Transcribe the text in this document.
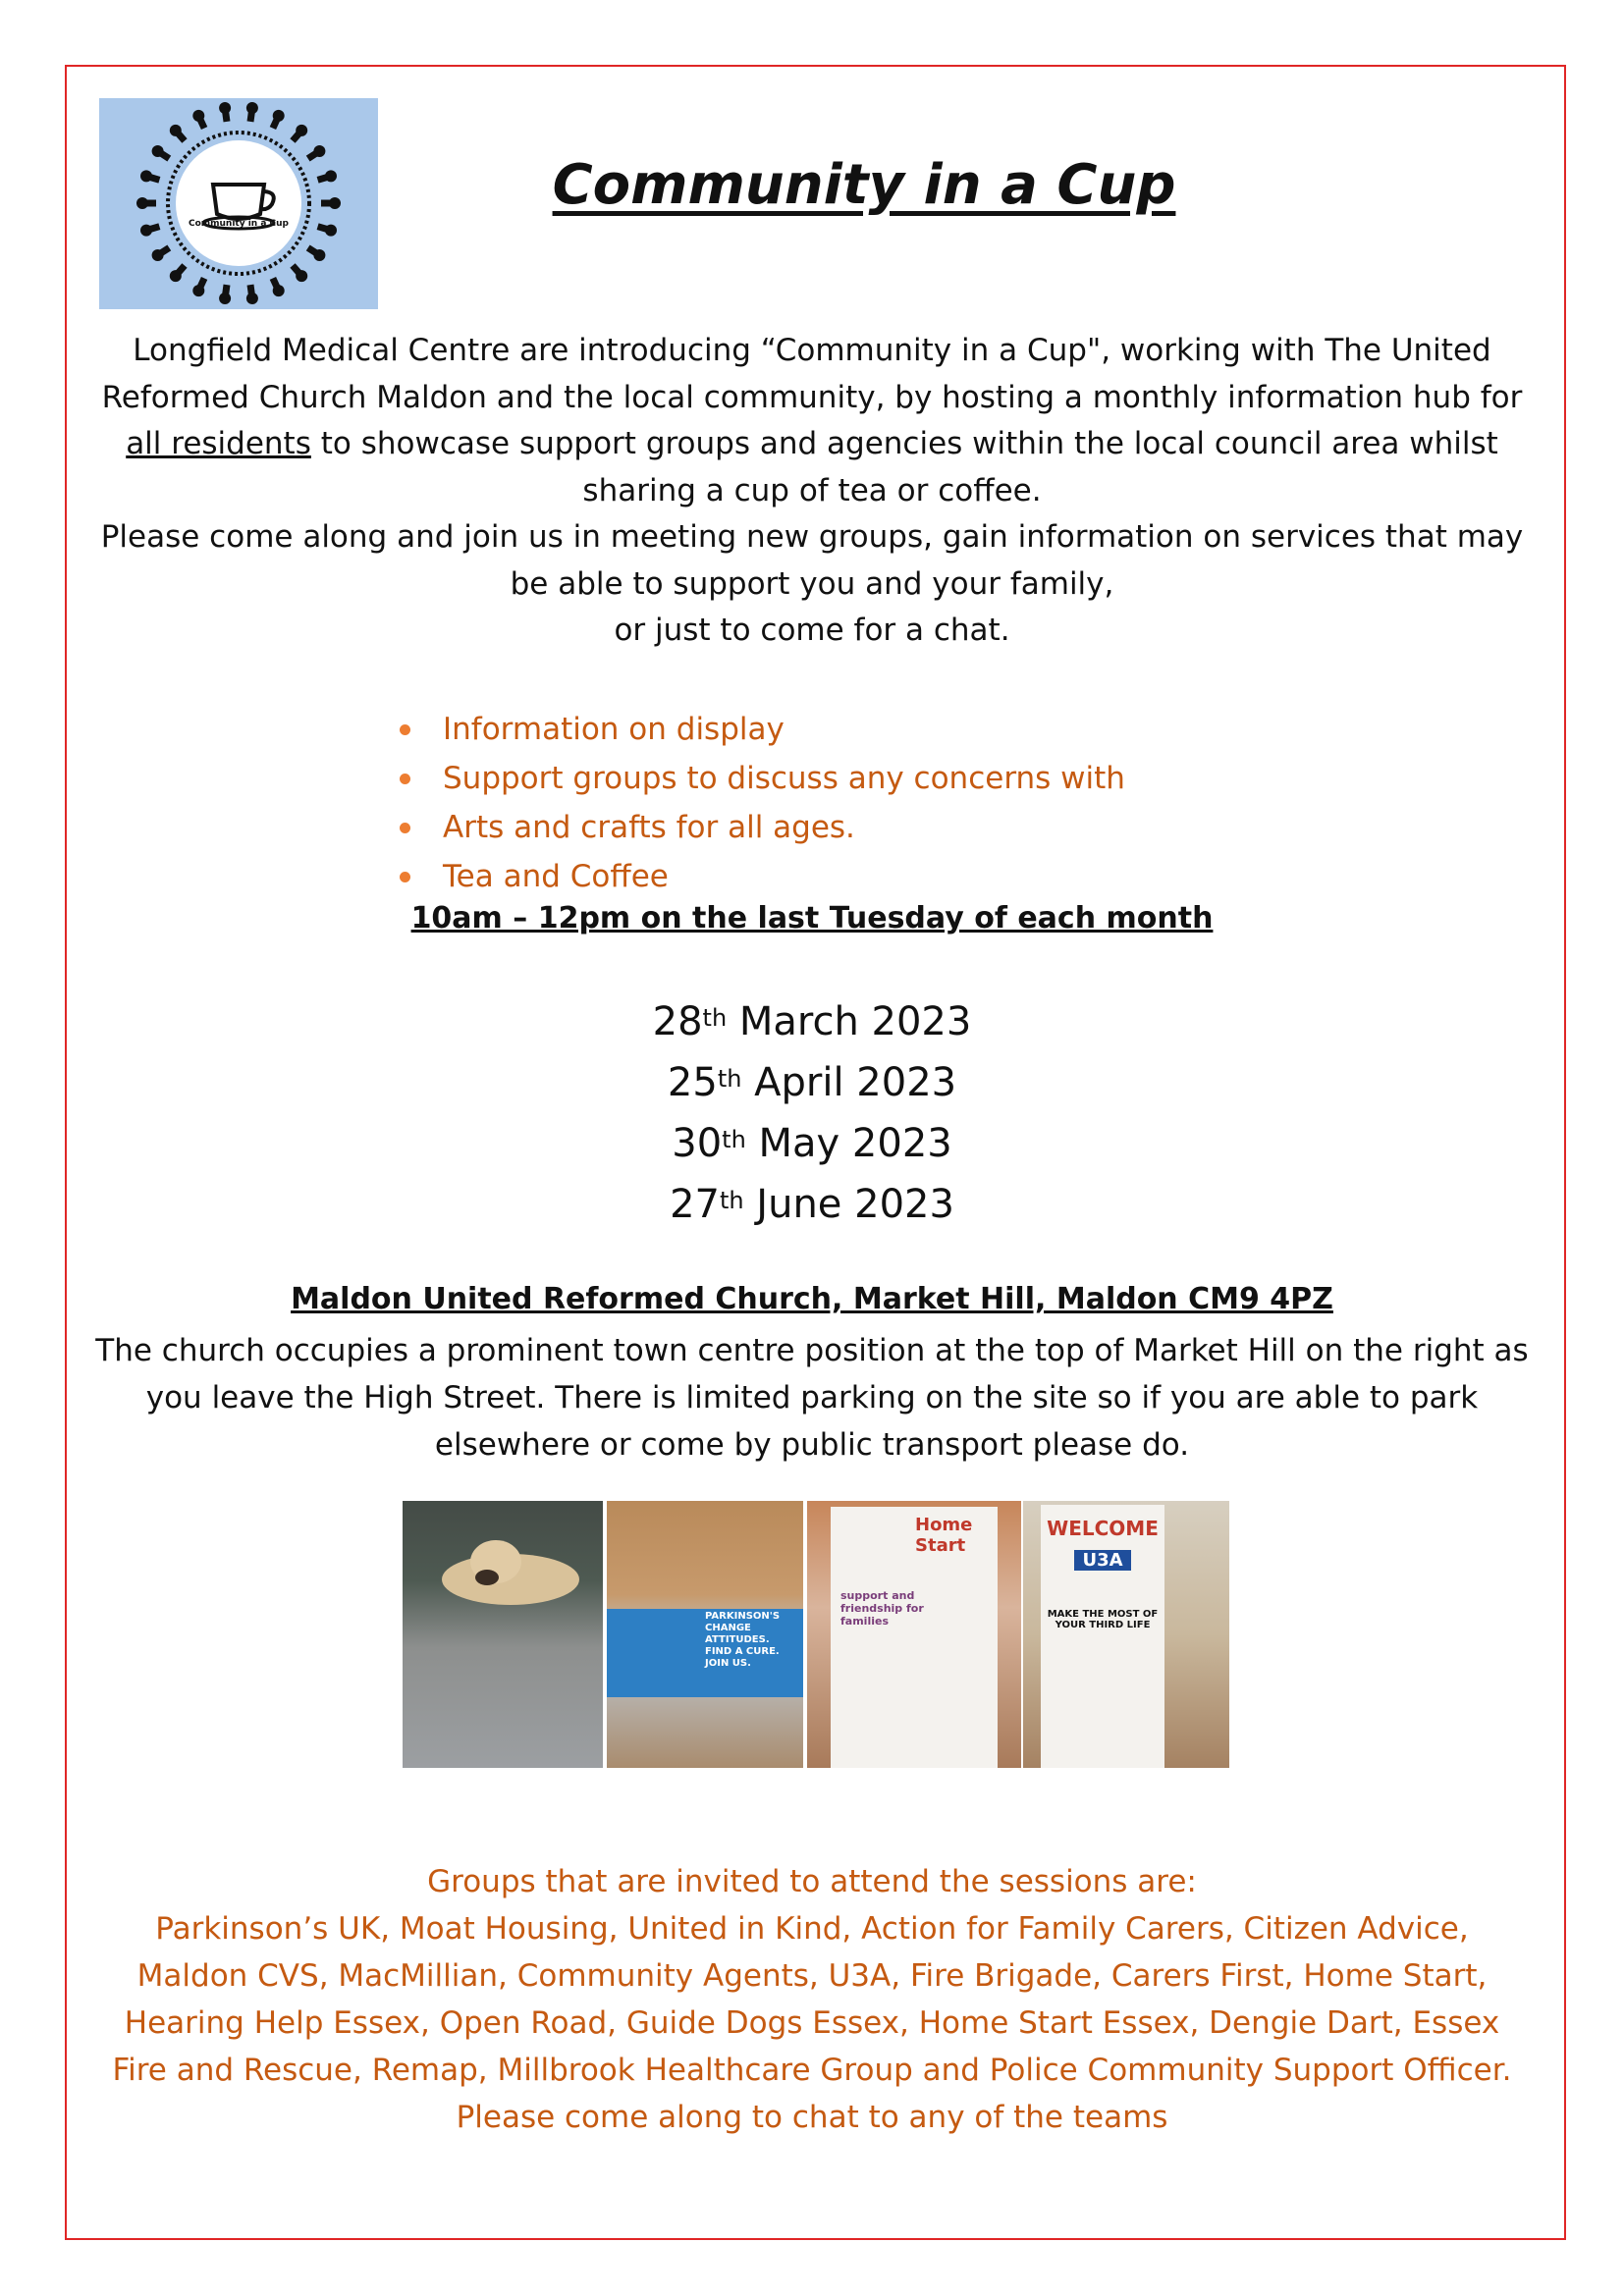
Community in a Cup
Community in a Cup

Longfield Medical Centre are introducing “Community in a Cup", working with The United Reformed Church Maldon and the local community, by hosting a monthly information hub for all residents to showcase support groups and agencies within the local council area whilst sharing a cup of tea or coffee.

Please come along and join us in meeting new groups, gain information on services that may be able to support you and your family,

or just to come for a chat.

Information on display
Support groups to discuss any concerns with
Arts and crafts for all ages.
Tea and Coffee
10am – 12pm on the last Tuesday of each month
28th March 2023
25th April 2023
30th May 2023
27th June 2023
Maldon United Reformed Church, Market Hill, Maldon CM9 4PZ
The church occupies a prominent town centre position at the top of Market Hill on the right as you leave the High Street. There is limited parking on the site so if you are able to park elsewhere or come by public transport please do.
PARKINSON'S CHANGE ATTITUDES. FIND A CURE. JOIN US.
Home Start
support and friendship for families
WELCOME
U3A
MAKE THE MOST OF YOUR THIRD LIFE

Groups that are invited to attend the sessions are:

Parkinson’s UK, Moat Housing, United in Kind, Action for Family Carers, Citizen Advice, Maldon CVS, MacMillian, Community Agents, U3A, Fire Brigade, Carers First, Home Start, Hearing Help Essex, Open Road, Guide Dogs Essex, Home Start Essex, Dengie Dart, Essex Fire and Rescue, Remap, Millbrook Healthcare Group and Police Community Support Officer.

Please come along to chat to any of the teams
